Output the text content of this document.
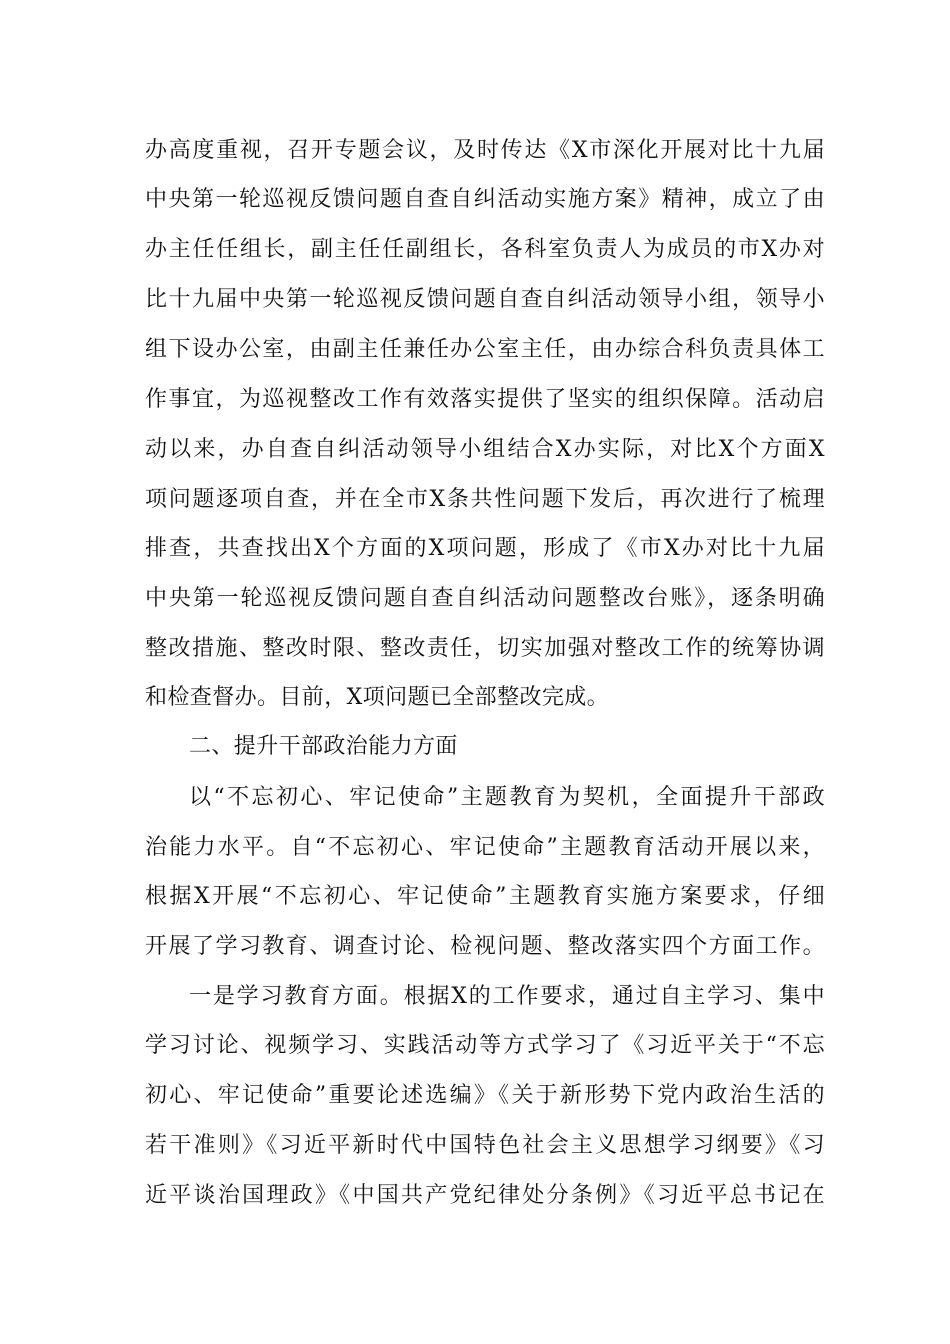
办高度重视，召开专题会议，及时传达《X市深化开展对比十九届
中央第一轮巡视反馈问题自查自纠活动实施方案》精神，成立了由
办主任任组长，副主任任副组长，各科室负责人为成员的市X办对
比十九届中央第一轮巡视反馈问题自查自纠活动领导小组，领导小
组下设办公室，由副主任兼任办公室主任，由办综合科负责具体工
作事宜，为巡视整改工作有效落实提供了坚实的组织保障。活动启
动以来，办自查自纠活动领导小组结合X办实际，对比X个方面X
项问题逐项自查，并在全市X条共性问题下发后，再次进行了梳理
排查，共查找出X个方面的X项问题，形成了《市X办对比十九届
中央第一轮巡视反馈问题自查自纠活动问题整改台账》，逐条明确
整改措施、整改时限、整改责任，切实加强对整改工作的统筹协调
和检查督办。目前，X项问题已全部整改完成。
二、提升干部政治能力方面
以“不忘初心、牢记使命”主题教育为契机，全面提升干部政
治能力水平。自“不忘初心、牢记使命”主题教育活动开展以来，
根据X开展“不忘初心、牢记使命”主题教育实施方案要求，仔细
开展了学习教育、调查讨论、检视问题、整改落实四个方面工作。
一是学习教育方面。根据X的工作要求，通过自主学习、集中
学习讨论、视频学习、实践活动等方式学习了《习近平关于“不忘
初心、牢记使命”重要论述选编》《关于新形势下党内政治生活的
若干准则》《习近平新时代中国特色社会主义思想学习纲要》《习
近平谈治国理政》《中国共产党纪律处分条例》《习近平总书记在
